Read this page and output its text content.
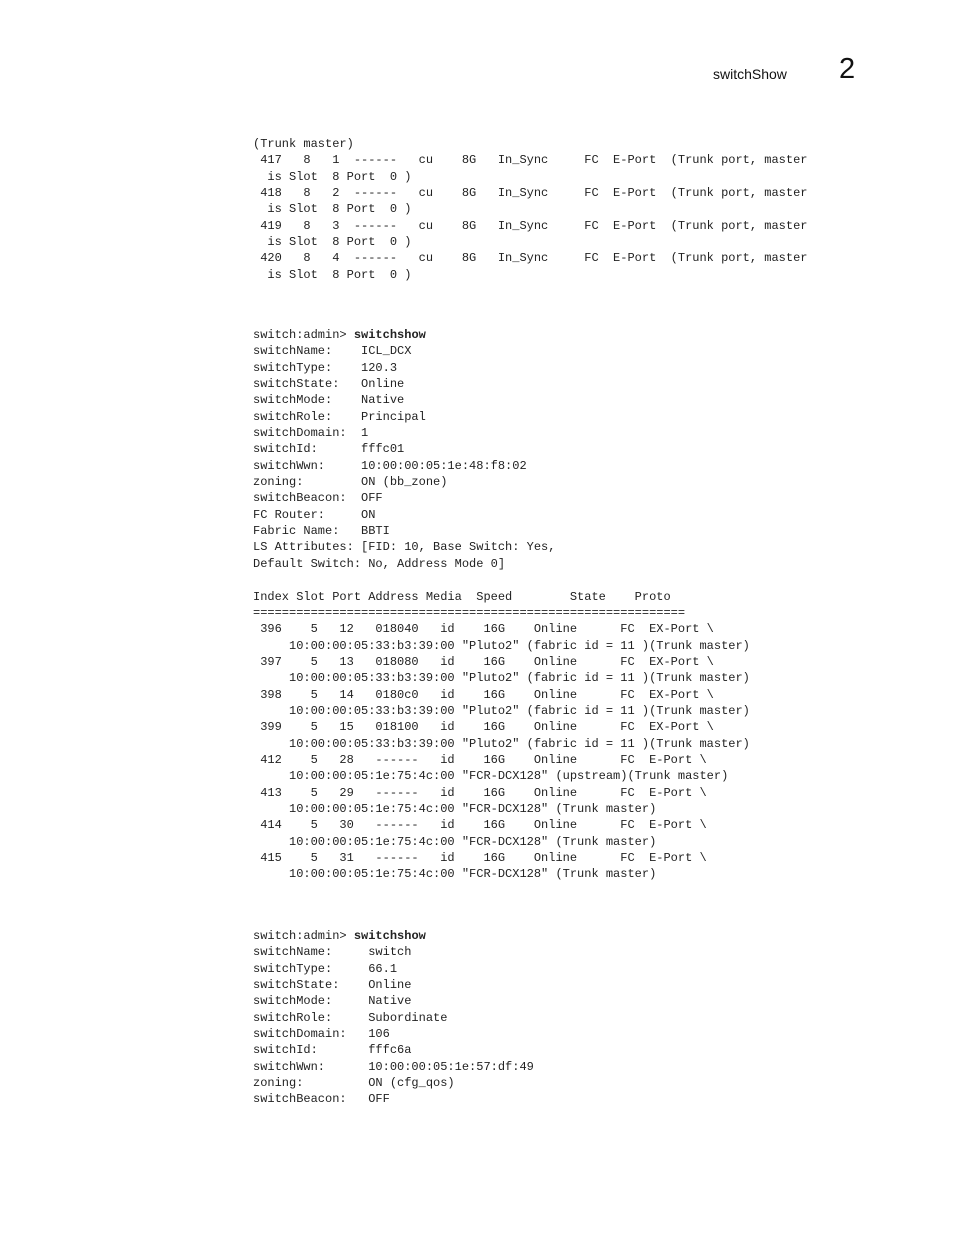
switchShow 2
(Trunk master)
417   8   1  ------   cu    8G   In_Sync     FC  E-Port  (Trunk port, master
is Slot  8 Port  0 )
418   8   2  ------   cu    8G   In_Sync     FC  E-Port  (Trunk port, master
is Slot  8 Port  0 )
419   8   3  ------   cu    8G   In_Sync     FC  E-Port  (Trunk port, master
is Slot  8 Port  0 )
420   8   4  ------   cu    8G   In_Sync     FC  E-Port  (Trunk port, master
is Slot  8 Port  0 )
switch:admin> switchshow
switchName:    ICL_DCX
switchType:    120.3
switchState:   Online
switchMode:    Native
switchRole:    Principal
switchDomain:  1
switchId:      fffc01
switchWwn:     10:00:00:05:1e:48:f8:02
zoning:        ON (bb_zone)
switchBeacon:  OFF
FC Router:     ON
Fabric Name:   BBTI
LS Attributes: [FID: 10, Base Switch: Yes,
Default Switch: No, Address Mode 0]
Index Slot Port Address Media  Speed        State    Proto
============================================================
396    5   12   018040   id    16G    Online      FC  EX-Port \
10:00:00:05:33:b3:39:00 "Pluto2" (fabric id = 11 )(Trunk master)
397    5   13   018080   id    16G    Online      FC  EX-Port \
10:00:00:05:33:b3:39:00 "Pluto2" (fabric id = 11 )(Trunk master)
398    5   14   0180c0   id    16G    Online      FC  EX-Port \
10:00:00:05:33:b3:39:00 "Pluto2" (fabric id = 11 )(Trunk master)
399    5   15   018100   id    16G    Online      FC  EX-Port \
10:00:00:05:33:b3:39:00 "Pluto2" (fabric id = 11 )(Trunk master)
412    5   28   ------   id    16G    Online      FC  E-Port \
10:00:00:05:1e:75:4c:00 "FCR-DCX128" (upstream)(Trunk master)
413    5   29   ------   id    16G    Online      FC  E-Port \
10:00:00:05:1e:75:4c:00 "FCR-DCX128" (Trunk master)
414    5   30   ------   id    16G    Online      FC  E-Port \
10:00:00:05:1e:75:4c:00 "FCR-DCX128" (Trunk master)
415    5   31   ------   id    16G    Online      FC  E-Port \
10:00:00:05:1e:75:4c:00 "FCR-DCX128" (Trunk master)
switch:admin> switchshow
switchName:     switch
switchType:     66.1
switchState:    Online
switchMode:     Native
switchRole:     Subordinate
switchDomain:   106
switchId:       fffc6a
switchWwn:      10:00:00:05:1e:57:df:49
zoning:         ON (cfg_qos)
switchBeacon:   OFF
